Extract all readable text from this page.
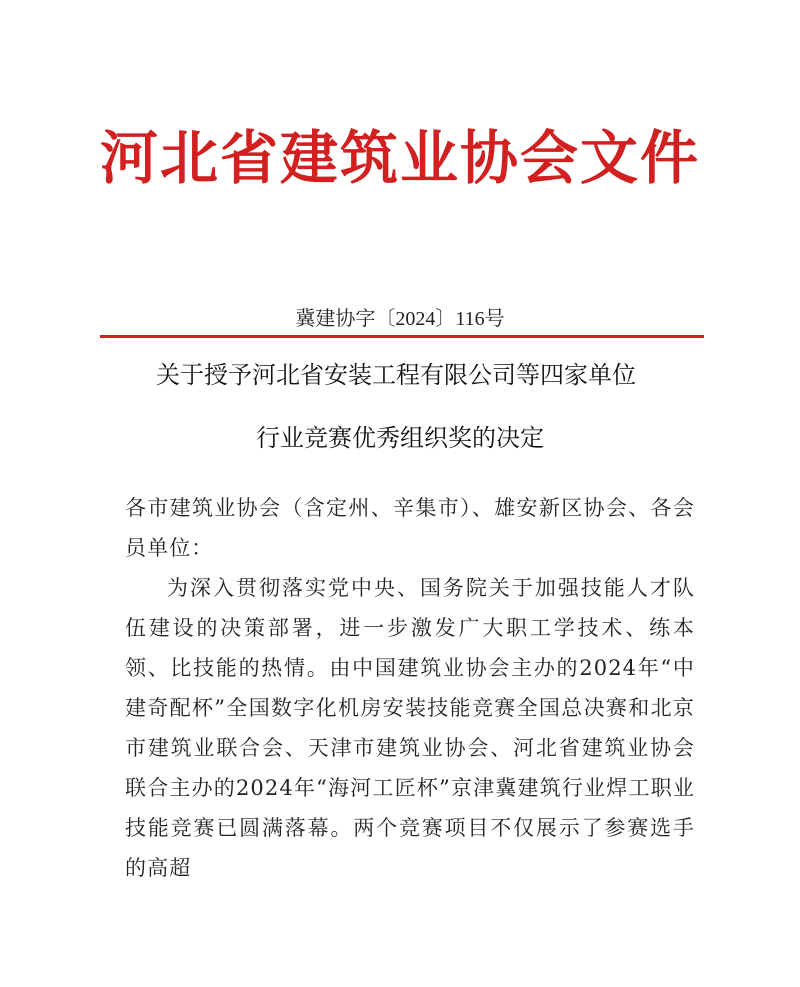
河北省建筑业协会文件
冀建协字〔2024〕116号
关于授予河北省安装工程有限公司等四家单位
行业竞赛优秀组织奖的决定

各市建筑业协会（含定州、辛集市）、雄安新区协会、各会员单位：

为深入贯彻落实党中央、国务院关于加强技能人才队伍建设的决策部署，进一步激发广大职工学技术、练本领、比技能的热情。由中国建筑业协会主办的2024年“中建奇配杯”全国数字化机房安装技能竞赛全国总决赛和北京市建筑业联合会、天津市建筑业协会、河北省建筑业协会联合主办的2024年“海河工匠杯”京津冀建筑行业焊工职业技能竞赛已圆满落幕。两个竞赛项目不仅展示了参赛选手的高超
